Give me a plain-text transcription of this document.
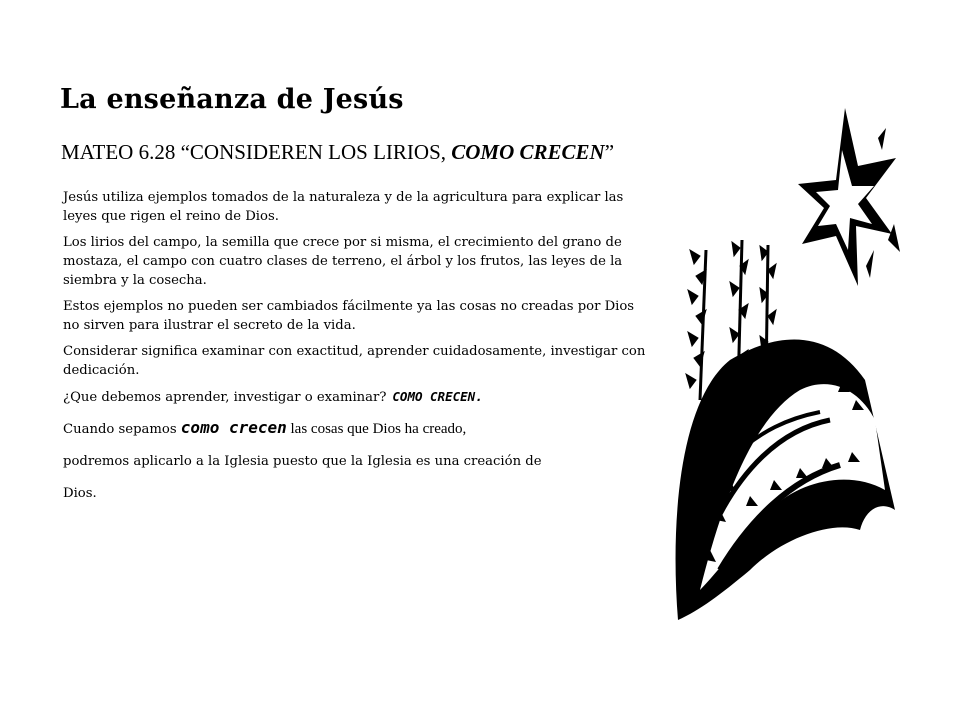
La enseñanza de Jesús
MATEO 6.28 “CONSIDEREN LOS LIRIOS, COMO CRECEN”

Jesús utiliza ejemplos tomados de la naturaleza y de la agricultura para explicar las leyes que rigen el reino de Dios.

Los lirios del campo, la semilla que crece por si misma, el crecimiento del grano de mostaza, el campo con cuatro clases de terreno, el árbol y los frutos, las leyes de la siembra y la cosecha.

Estos ejemplos no pueden ser cambiados fácilmente ya las cosas no creadas por Dios no sirven para ilustrar el secreto de la vida.

Considerar significa examinar con exactitud, aprender cuidadosamente, investigar con dedicación.

¿Que debemos aprender, investigar o examinar? COMO CRECEN.

Cuando sepamos como crecen las cosas que Dios ha creado,
podremos aplicarlo a la Iglesia puesto que la Iglesia es una creación de
Dios.
